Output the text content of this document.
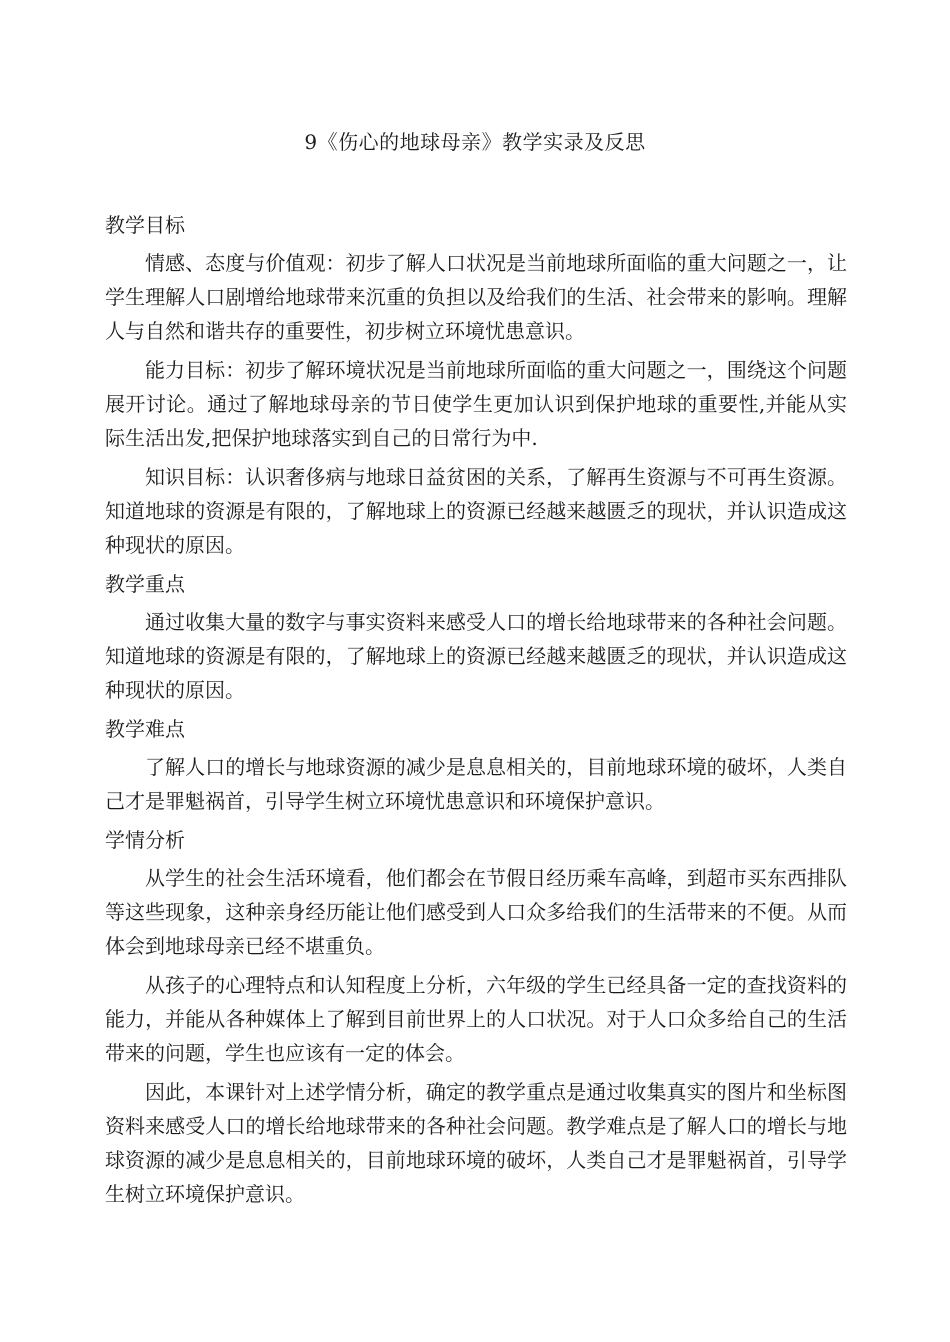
9《伤心的地球母亲》教学实录及反思
教学目标

情感、态度与价值观：初步了解人口状况是当前地球所面临的重大问题之一，让学生理解人口剧增给地球带来沉重的负担以及给我们的生活、社会带来的影响。理解人与自然和谐共存的重要性，初步树立环境忧患意识。

能力目标：初步了解环境状况是当前地球所面临的重大问题之一，围绕这个问题展开讨论。通过了解地球母亲的节日使学生更加认识到保护地球的重要性,并能从实际生活出发,把保护地球落实到自己的日常行为中.

知识目标：认识奢侈病与地球日益贫困的关系，了解再生资源与不可再生资源。知道地球的资源是有限的，了解地球上的资源已经越来越匮乏的现状，并认识造成这种现状的原因。

教学重点

通过收集大量的数字与事实资料来感受人口的增长给地球带来的各种社会问题。知道地球的资源是有限的，了解地球上的资源已经越来越匮乏的现状，并认识造成这种现状的原因。

教学难点

了解人口的增长与地球资源的减少是息息相关的，目前地球环境的破坏，人类自己才是罪魁祸首，引导学生树立环境忧患意识和环境保护意识。

学情分析

从学生的社会生活环境看，他们都会在节假日经历乘车高峰，到超市买东西排队等这些现象，这种亲身经历能让他们感受到人口众多给我们的生活带来的不便。从而体会到地球母亲已经不堪重负。

从孩子的心理特点和认知程度上分析，六年级的学生已经具备一定的查找资料的能力，并能从各种媒体上了解到目前世界上的人口状况。对于人口众多给自己的生活带来的问题，学生也应该有一定的体会。

因此，本课针对上述学情分析，确定的教学重点是通过收集真实的图片和坐标图资料来感受人口的增长给地球带来的各种社会问题。教学难点是了解人口的增长与地球资源的减少是息息相关的，目前地球环境的破坏，人类自己才是罪魁祸首，引导学生树立环境保护意识。
